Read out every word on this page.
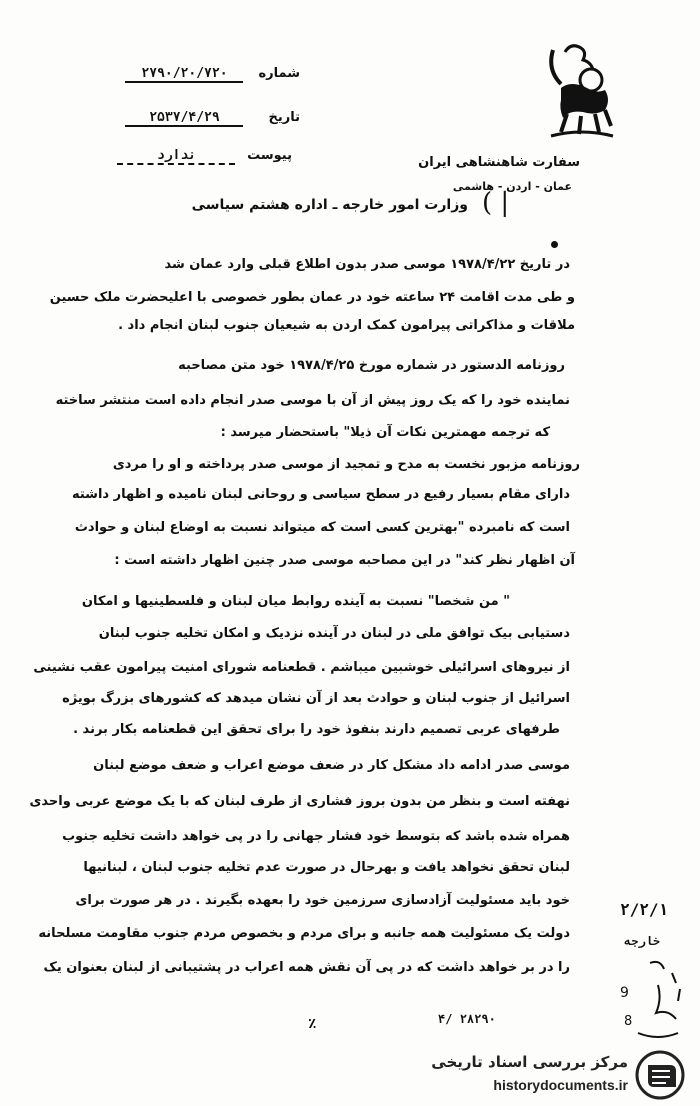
سفارت شاهنشاهی ایران
عمان - اردن - هاشمی
شماره ۲۷۹۰/۲۰/۷۲۰
تاریخ ۲۵۳۷/۴/۲۹
پیوست ندارد
( |
وزارت امور خارجه ـ اداره هشتم سیاسی
در تاریخ ۱۹۷۸/۴/۲۲ موسی صدر بدون اطلاع قبلی وارد عمان شد
و طی مدت اقامت ۲۴ ساعته خود در عمان بطور خصوصی با اعلیحضرت ملک حسین
ملاقات و مذاکراتی پیرامون کمک اردن به شیعیان جنوب لبنان انجام داد .
روزنامه الدستور در شماره مورخ ۱۹۷۸/۴/۲۵ خود متن مصاحبه
نماینده خود را که یک روز پیش از آن با موسی صدر انجام داده است منتشر ساخته
که ترجمه مهمترین نکات آن ذیلا" باستحضار میرسد :
روزنامه مزبور نخست به مدح و تمجید از موسی صدر پرداخته و او را مردی
دارای مقام بسیار رفیع در سطح سیاسی و روحانی لبنان نامیده و اظهار داشته
است که نامبرده "بهترین کسی است که میتواند نسبت به اوضاع لبنان و حوادث
آن اظهار نظر کند" در این مصاحبه موسی صدر چنین اظهار داشته است :
" من شخصا" نسبت به آینده روابط میان لبنان و فلسطینیها و امکان
دستیابی بیک توافق ملی در لبنان در آینده نزدیک و امکان تخلیه جنوب لبنان
از نیروهای اسرائیلی خوشبین میباشم . قطعنامه شورای امنیت پیرامون عقب نشینی
اسرائیل از جنوب لبنان و حوادث بعد از آن نشان میدهد که کشورهای بزرگ بویژه
طرفهای عربی تصمیم دارند بنفوذ خود را برای تحقق این قطعنامه بکار برند .
موسی صدر ادامه داد مشکل کار در ضعف موضع اعراب و ضعف موضع لبنان
نهفته است و بنظر من بدون بروز فشاری از طرف لبنان که با یک موضع عربی واحدی
همراه شده باشد که بتوسط خود فشار جهانی را در پی خواهد داشت تخلیه جنوب
لبنان تحقق نخواهد یافت و بهرحال در صورت عدم تخلیه جنوب لبنان ، لبنانیها
خود باید مسئولیت آزادسازی سرزمین خود را بعهده بگیرند . در هر صورت برای
دولت یک مسئولیت همه جانبه و برای مردم و بخصوص مردم جنوب مقاومت مسلحانه
را در بر خواهد داشت که در پی آن نقش همه اعراب در پشتیبانی از لبنان بعنوان یک
۲/۲/۱
خارجه
٪	۲۸۲۹۰ /۴
9
8
مرکز بررسی اسناد تاریخی
historydocuments.ir
